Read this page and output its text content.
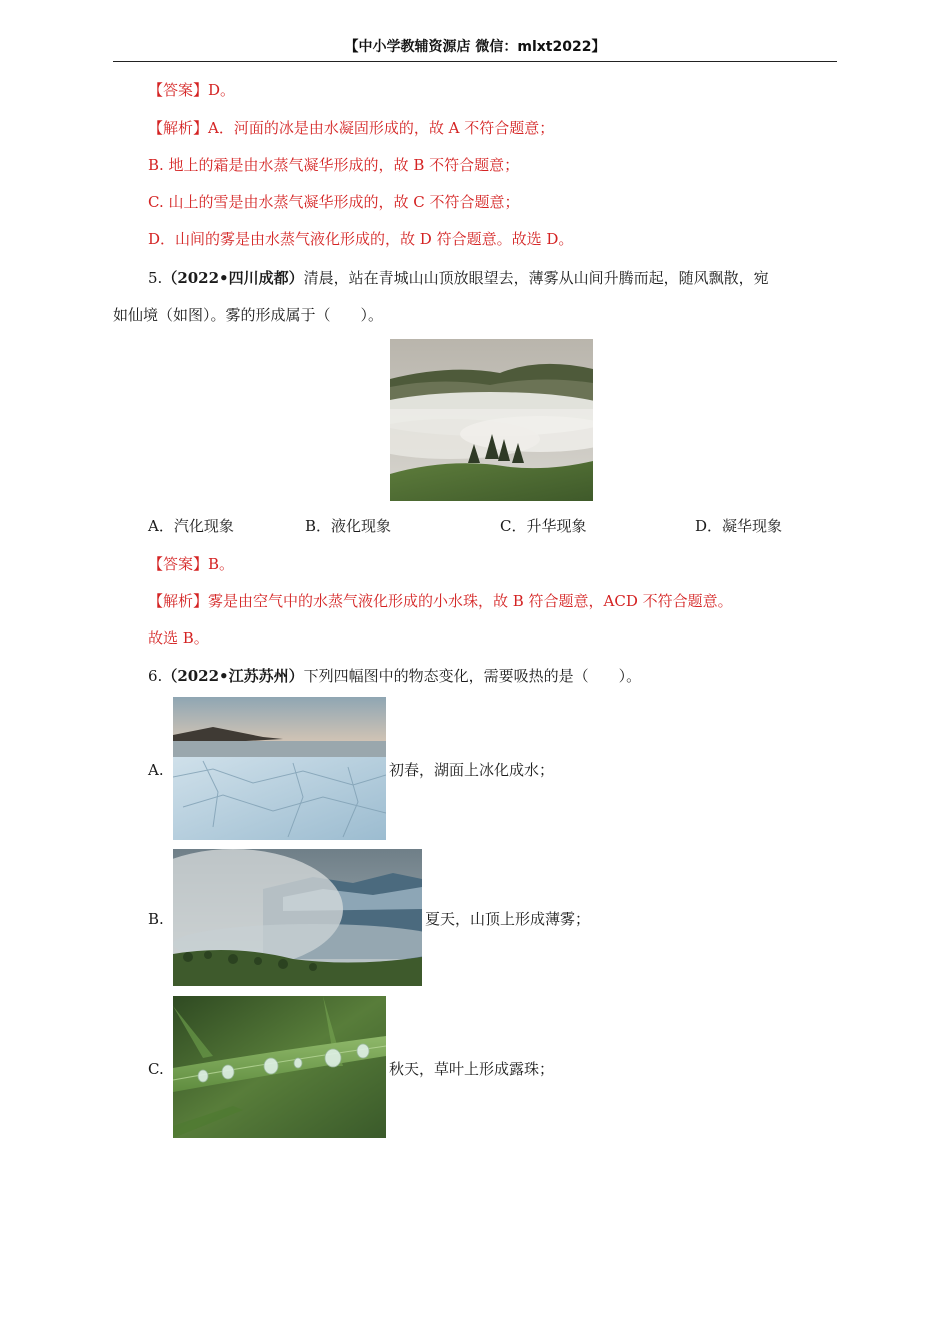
【中小学教辅资源店 微信：mlxt2022】
【答案】D。
【解析】A．河面的冰是由水凝固形成的，故 A 不符合题意；
B. 地上的霜是由水蒸气凝华形成的，故 B 不符合题意；
C. 山上的雪是由水蒸气凝华形成的，故 C 不符合题意；
D．山间的雾是由水蒸气液化形成的，故 D 符合题意。故选 D。
5.（2022•四川成都）清晨，站在青城山山顶放眼望去，薄雾从山间升腾而起，随风飘散，宛
如仙境（如图）。雾的形成属于（　　）。
A．汽化现象	B．液化现象	C．升华现象	D．凝华现象
【答案】B。
【解析】雾是由空气中的水蒸气液化形成的小水珠，故 B 符合题意，ACD 不符合题意。
故选 B。
6.（2022•江苏苏州）下列四幅图中的物态变化，需要吸热的是（　　）。
A.	初春，湖面上冰化成水；
B.	夏天，山顶上形成薄雾；
C.	秋天，草叶上形成露珠；
